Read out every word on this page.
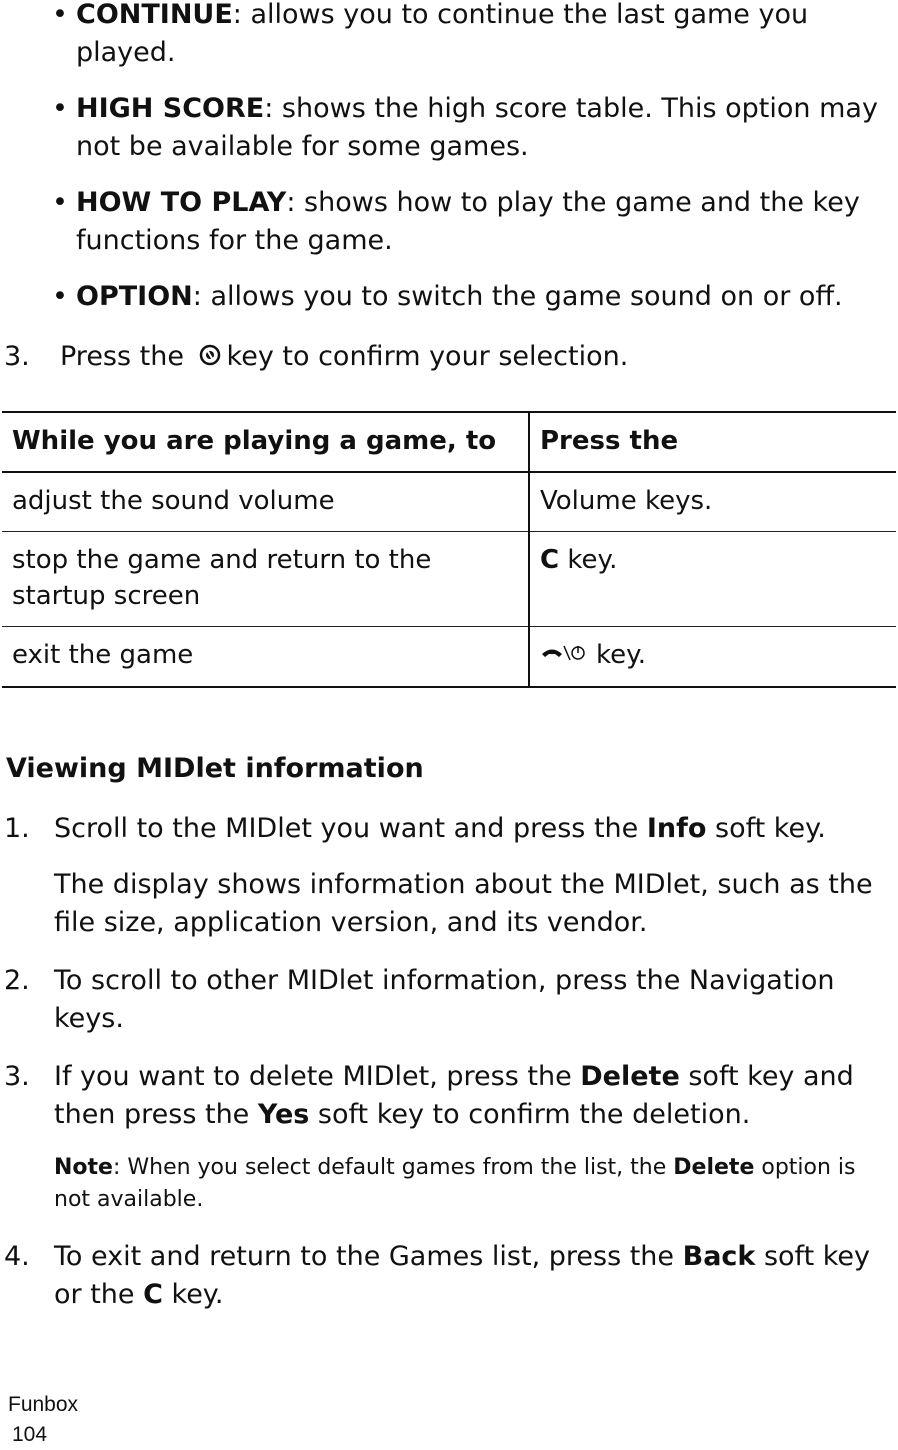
• CONTINUE: allows you to continue the last game you played.
• HIGH SCORE: shows the high score table. This option may not be available for some games.
• HOW TO PLAY: shows how to play the game and the key functions for the game.
• OPTION: allows you to switch the game sound on or off.
3. Press the key to confirm your selection.
While you are playing a game, to	Press the
adjust the sound volume	Volume keys.
stop the game and return to the startup screen	C key.
exit the game	key.
Viewing MIDlet information
1. Scroll to the MIDlet you want and press the Info soft key.

The display shows information about the MIDlet, such as the file size, application version, and its vendor.

2. To scroll to other MIDlet information, press the Navigation keys.

3. If you want to delete MIDlet, press the Delete soft key and then press the Yes soft key to confirm the deletion.

Note: When you select default games from the list, the Delete option is not available.
4. To exit and return to the Games list, press the Back soft key or the C key.

Funbox
104
